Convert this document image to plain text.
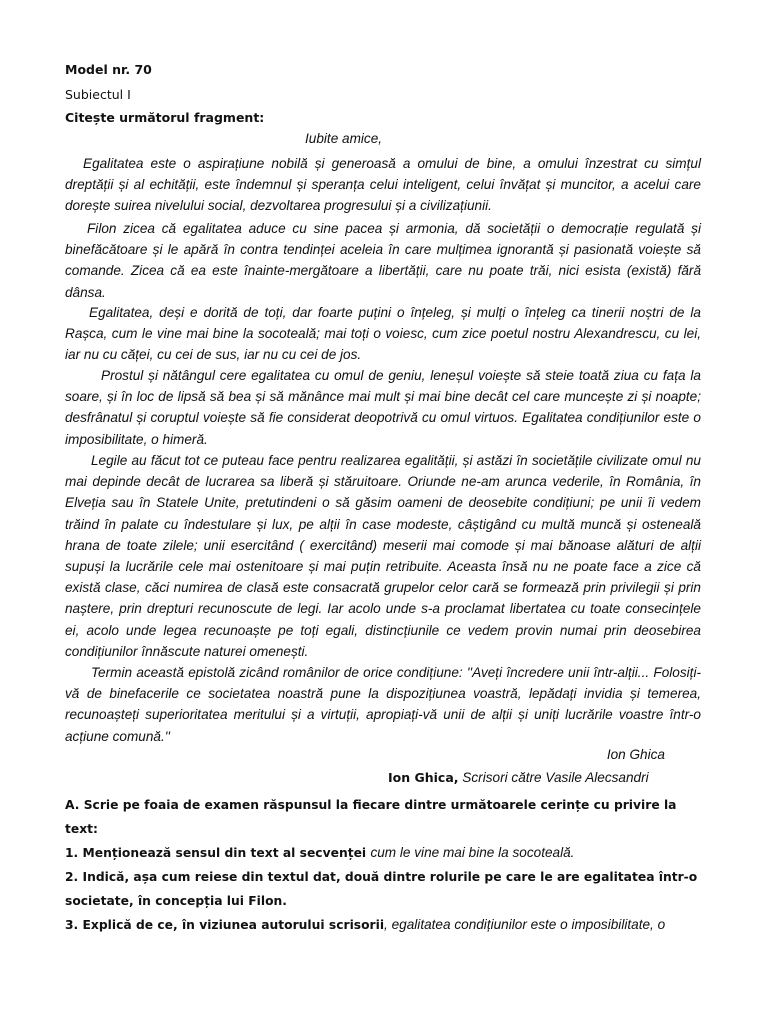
Model nr. 70
Subiectul I
Citește următorul fragment:
Iubite amice,

Egalitatea este o aspirațiune nobilă și generoasă a omului de bine, a omului înzestrat cu simțul dreptății și al echității, este îndemnul și speranța celui inteligent, celui învățat și muncitor, a acelui care dorește suirea nivelului social, dezvoltarea progresului și a civilizațiunii.

Filon zicea că egalitatea aduce cu sine pacea și armonia, dă societății o democrație regulată și binefăcătoare și le apără în contra tendinței aceleia în care mulțimea ignorantă și pasionată voiește să comande. Zicea că ea este înainte-mergătoare a libertății, care nu poate trăi, nici esista (există) fără dânsa.

Egalitatea, deși e dorită de toți, dar foarte puțini o înțeleg, și mulți o înțeleg ca tinerii noștri de la Rașca, cum le vine mai bine la socoteală; mai toți o voiesc, cum zice poetul nostru Alexandrescu, cu lei, iar nu cu căței, cu cei de sus, iar nu cu cei de jos.

Prostul și nătângul cere egalitatea cu omul de geniu, leneșul voiește să steie toată ziua cu fața la soare, și în loc de lipsă să bea și să mănânce mai mult și mai bine decât cel care muncește zi și noapte; desfrânatul și coruptul voiește să fie considerat deopotrivă cu omul virtuos. Egalitatea condițiunilor este o imposibilitate, o himeră.

Legile au făcut tot ce puteau face pentru realizarea egalității, și astăzi în societățile civilizate omul nu mai depinde decât de lucrarea sa liberă și stăruitoare. Oriunde ne-am arunca vederile, în România, în Elveția sau în Statele Unite, pretutindeni o să găsim oameni de deosebite condițiuni; pe unii îi vedem trăind în palate cu îndestulare și lux, pe alții în case modeste, câștigând cu multă muncă și osteneală hrana de toate zilele; unii esercitând ( exercitând) meserii mai comode și mai bănoase alături de alții supuși la lucrările cele mai ostenitoare și mai puțin retribuite. Aceasta însă nu ne poate face a zice că există clase, căci numirea de clasă este consacrată grupelor celor cară se formează prin privilegii și prin naștere, prin drepturi recunoscute de legi. Iar acolo unde s-a proclamat libertatea cu toate consecințele ei, acolo unde legea recunoaște pe toți egali, distincțiunile ce vedem provin numai prin deosebirea condițiunilor înnăscute naturei omenești.

Termin această epistolă zicând românilor de orice condițiune: ''Aveți încredere unii într-alții... Folosiți-vă de binefacerile ce societatea noastră pune la dispozițiunea voastră, lepădați invidia și temerea, recunoașteți superioritatea meritului și a virtuții, apropiați-vă unii de alții și uniți lucrările voastre într-o acțiune comună.''

Ion Ghica
Ion Ghica, Scrisori către Vasile Alecsandri

A. Scrie pe foaia de examen răspunsul la fiecare dintre următoarele cerințe cu privire la text:

1. Menționează sensul din text al secvenței cum le vine mai bine la socoteală.

2. Indică, așa cum reiese din textul dat, două dintre rolurile pe care le are egalitatea într-o societate, în concepția lui Filon.

3. Explică de ce, în viziunea autorului scrisorii, egalitatea condițiunilor este o imposibilitate, o
